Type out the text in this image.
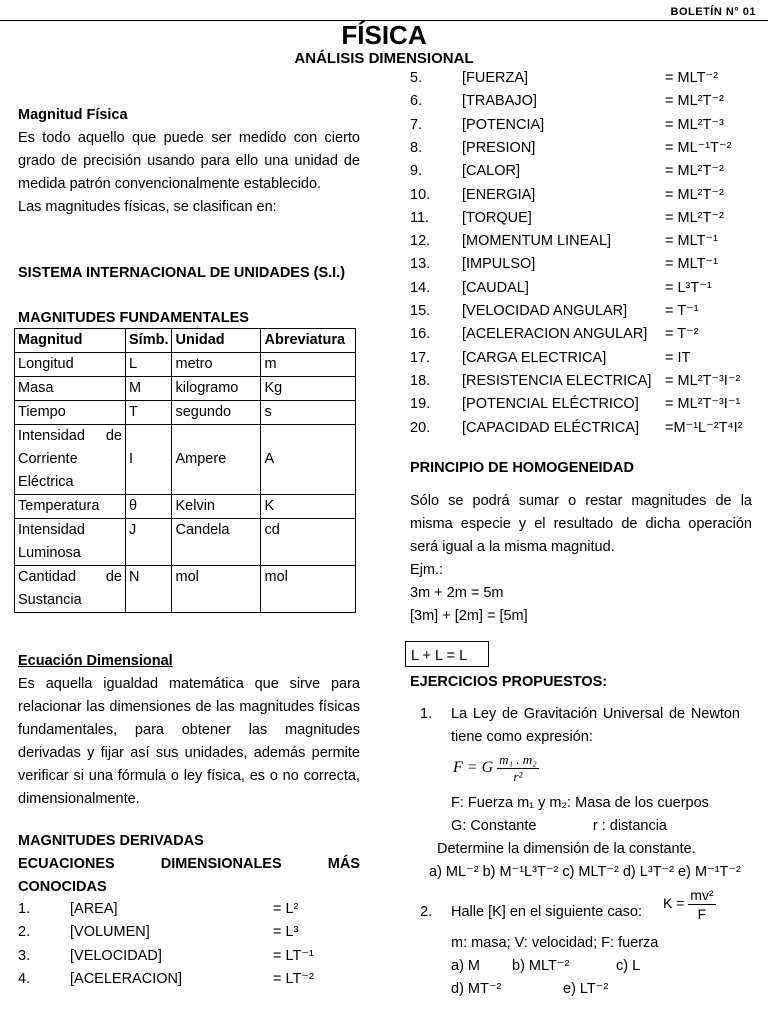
BOLETÍN N° 01
FÍSICA
ANÁLISIS DIMENSIONAL

Magnitud Física

Es todo aquello que puede ser medido con cierto grado de precisión usando para ello una unidad de medida patrón convencionalmente establecido.

Las magnitudes físicas, se clasifican en:

SISTEMA INTERNACIONAL DE UNIDADES (S.I.)
MAGNITUDES FUNDAMENTALES
Magnitud	Símb.	Unidad	Abreviatura
Longitud	L	metro	m
Masa	M	kilogramo	Kg
Tiempo	T	segundo	s
Intensidad de Corriente Eléctrica	I	Ampere	A
Temperatura	θ	Kelvin	K
Intensidad Luminosa	J	Candela	cd
Cantidad de Sustancia	N	mol	mol

Ecuación Dimensional

Es aquella igualdad matemática que sirve para relacionar las dimensiones de las magnitudes físicas fundamentales, para obtener las magnitudes derivadas y fijar así sus unidades, además permite verificar si una fórmula o ley física, es o no correcta, dimensionalmente.

MAGNITUDES DERIVADAS

ECUACIONES DIMENSIONALES MÁS CONOCIDAS

1.	[AREA]	= L²
2.	[VOLUMEN]	= L³
3.	[VELOCIDAD]	= LT⁻¹
4.	[ACELERACION]	= LT⁻²
5.	[FUERZA]	= MLT⁻²
6.	[TRABAJO]	= ML²T⁻²
7.	[POTENCIA]	= ML²T⁻³
8.	[PRESION]	= ML⁻¹T⁻²
9.	[CALOR]	= ML²T⁻²
10. [ENERGIA]	= ML²T⁻²
11. [TORQUE]	= ML²T⁻²
12. [MOMENTUM LINEAL]	= MLT⁻¹
13. [IMPULSO]	= MLT⁻¹
14. [CAUDAL]	= L³T⁻¹
15. [VELOCIDAD ANGULAR]	= T⁻¹
16. [ACELERACION ANGULAR] = T⁻²
17. [CARGA ELECTRICA]	= IT
18. [RESISTENCIA ELECTRICA] = ML²T⁻³I⁻²
19. [POTENCIAL ELÉCTRICO] = ML²T⁻³I⁻¹
20. [CAPACIDAD ELÉCTRICA] =M⁻¹L⁻²T⁴I²
PRINCIPIO DE HOMOGENEIDAD

Sólo se podrá sumar o restar magnitudes de la misma especie y el resultado de dicha operación será igual a la misma magnitud.

Ejm.:

3m + 2m = 5m

[3m] + [2m] = [5m]

L + L = L
EJERCICIOS PROPUESTOS:
1. La Ley de Gravitación Universal de Newton tiene como expresión:
F = G $\frac{\text{m₁ . m₂}}{\text{r²}}$
F: Fuerza m₁ y m₂: Masa de los cuerpos
G: Constante              r : distancia
Determine la dimensión de la constante.
a) ML⁻² b) M⁻¹L³T⁻² c) MLT⁻² d) L³T⁻² e) M⁻¹T⁻²
2. Halle [K] en el siguiente caso:
$K = \frac{\text{mv²}}{F}$
m: masa; V: velocidad; F: fuerza
a) M b) MLT⁻²	c) L
d) MT⁻²	e) LT⁻²
